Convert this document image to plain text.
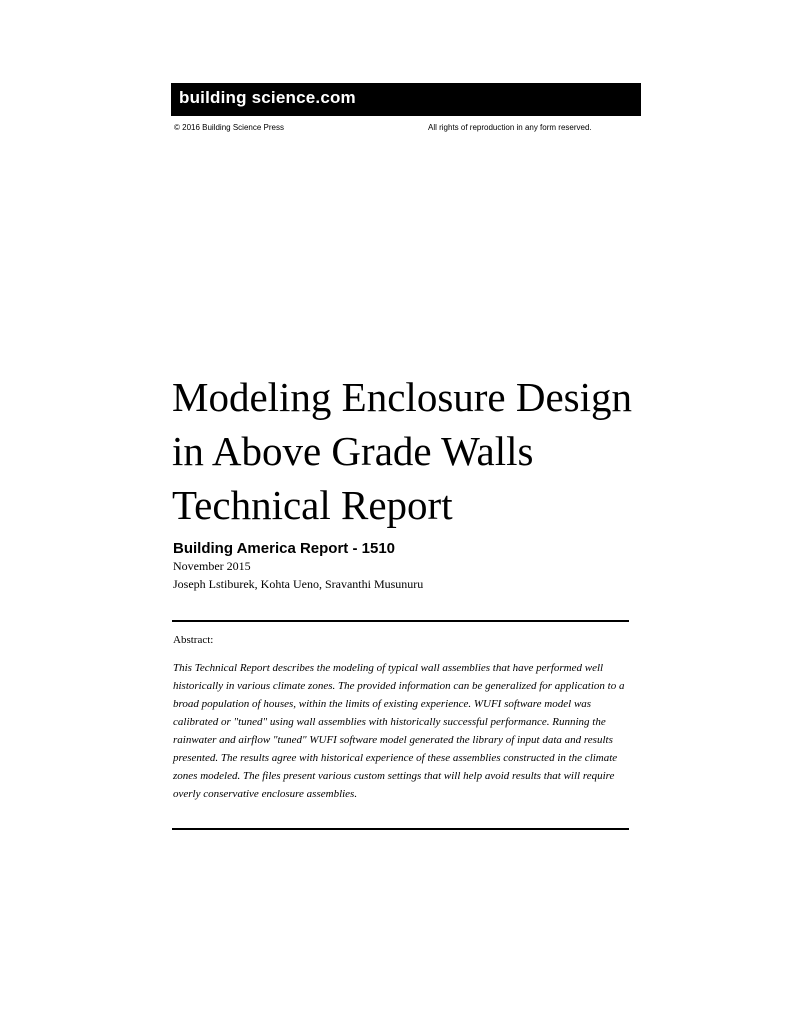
building science.com
© 2016 Building Science Press	All rights of reproduction in any form reserved.
Modeling Enclosure Design
in Above Grade Walls
Technical Report
Building America Report - 1510
November 2015
Joseph Lstiburek, Kohta Ueno, Sravanthi Musunuru
Abstract:
This Technical Report describes the modeling of typical wall assemblies that have performed well historically in various climate zones. The provided information can be generalized for application to a broad population of houses, within the limits of existing experience. WUFI software model was calibrated or "tuned" using wall assemblies with historically successful performance. Running the rainwater and airflow "tuned" WUFI software model generated the library of input data and results presented. The results agree with historical experience of these assemblies constructed in the climate zones modeled. The files present various custom settings that will help avoid results that will require overly conservative enclosure assemblies.
